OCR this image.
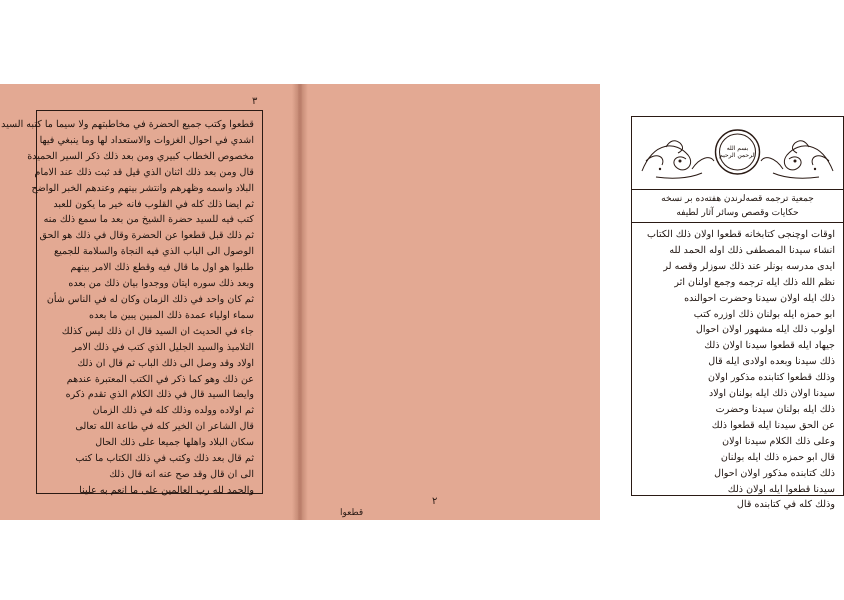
٣
قطعوا وكتب جميع الحضرة في مخاطبتهم ولا سيما ما كتبه السيد
اشدي في احوال الغزوات والاستعداد لها وما ينبغي فيها
مخصوص الخطاب كبيري ومن بعد ذلك ذكر السير الحميدة
قال ومن بعد ذلك اثنان الذي قيل قد ثبت ذلك عند الامام
البلاد واسمه وظهرهم وانتشر بينهم وعندهم الخبر الواضح
ثم ايضا ذلك كله في القلوب فانه خير ما يكون للعبد
كتب فيه للسيد حضرة الشيخ من بعد ما سمع ذلك منه
ثم ذلك قبل قطعوا عن الحضرة وقال في ذلك هو الحق
الوصول الى الباب الذي فيه النجاة والسلامة للجميع
طلبوا هو اول ما قال فيه وقطع ذلك الامر بينهم
وبعد ذلك سوره ايتان ووجدوا بيان ذلك من بعده
ثم كان واحد في ذلك الزمان وكان له في الناس شأن
سماء اولياء عمدة ذلك المبين يبين ما بعده
جاء في الحديث ان السيد قال ان ذلك ليس كذلك
التلاميذ والسيد الجليل الذي كتب في ذلك الامر
اولاد وقد وصل الى ذلك الباب ثم قال ان ذلك
عن ذلك وهو كما ذكر في الكتب المعتبرة عندهم
وايضا السيد قال في ذلك الكلام الذي تقدم ذكره
ثم اولاده وولده وذلك كله في ذلك الزمان
قال الشاعر ان الخير كله في طاعة الله تعالى
سكان البلاد واهلها جميعا على ذلك الحال
ثم قال بعد ذلك وكتب في ذلك الكتاب ما كتب
الى ان قال وقد صح عنه انه قال ذلك
والحمد لله رب العالمين على ما انعم به علينا
بسم الله الرحمن الرحيم
جمعية ترجمه قصه‌لرندن هفته‌ده بر نسخه
حكايات وقصص وسائر آثار لطيفه
اوقات اوچنجی کتابخانه قطعوا اولان ذلك الكتاب
انشاء سيدنا المصطفى ذلك اوله الحمد لله
ايدى مدرسه بونلر عند ذلك سوزلر وقصه لر
نظم الله ذلك ايله ترجمه وجمع اولنان اثر
ذلك ايله اولان سيدنا وحضرت احوالنده
ابو حمزه ايله بولنان ذلك اوزره كتب
اولوب ذلك ايله مشهور اولان احوال
جيهاد ايله قطعوا سيدنا اولان ذلك
ذلك سيدنا وبعده اولادى ايله قال
وذلك قطعوا كتابنده مذكور اولان
سيدنا اولان ذلك ايله بولنان اولاد
ذلك ايله بولنان سيدنا وحضرت
عن الحق سيدنا ايله قطعوا ذلك
وعلى ذلك الكلام سيدنا اولان
قال ابو حمزه ذلك ايله بولنان
ذلك كتابنده مذكور اولان احوال
سيدنا قطعوا ايله اولان ذلك
وذلك كله في كتابنده قال
٢
قطعوا
